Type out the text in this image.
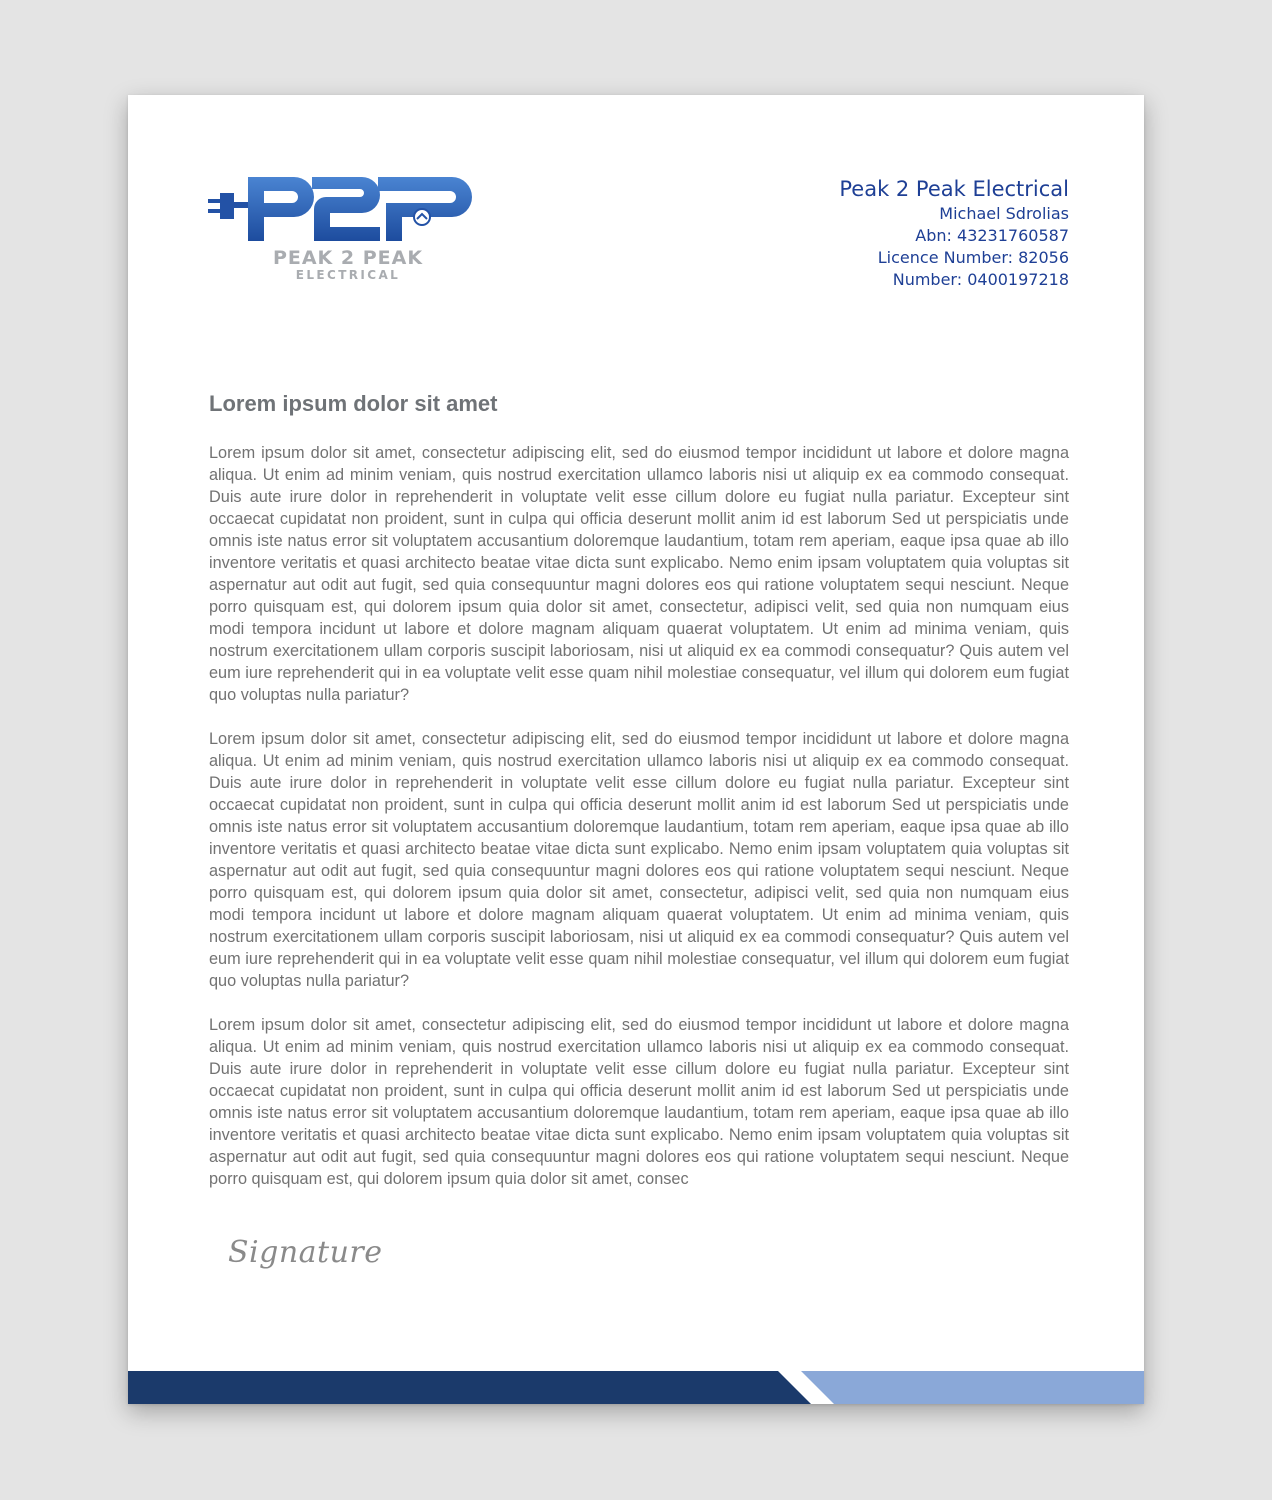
PEAK 2 PEAK
ELECTRICAL
Peak 2 Peak Electrical
Michael Sdrolias
Abn: 43231760587
Licence Number: 82056
Number: 0400197218
Lorem ipsum dolor sit amet

Lorem ipsum dolor sit amet, consectetur adipiscing elit, sed do eiusmod tempor incididunt ut labore et dolore magna aliqua. Ut enim ad minim veniam, quis nostrud exercitation ullamco laboris nisi ut aliquip ex ea commodo consequat. Duis aute irure dolor in reprehenderit in voluptate velit esse cillum dolore eu fugiat nulla pariatur. Excepteur sint occaecat cupidatat non proident, sunt in culpa qui officia deserunt mollit anim id est laborum Sed ut perspiciatis unde omnis iste natus error sit voluptatem accusantium doloremque laudantium, totam rem aperiam, eaque ipsa quae ab illo inventore veritatis et quasi architecto beatae vitae dicta sunt explicabo. Nemo enim ipsam voluptatem quia voluptas sit aspernatur aut odit aut fugit, sed quia consequuntur magni dolores eos qui ratione voluptatem sequi nesciunt. Neque porro quisquam est, qui dolorem ipsum quia dolor sit amet, consectetur, adipisci velit, sed quia non numquam eius modi tempora incidunt ut labore et dolore magnam aliquam quaerat voluptatem. Ut enim ad minima veniam, quis nostrum exercitationem ullam corporis suscipit laboriosam, nisi ut aliquid ex ea commodi consequatur? Quis autem vel eum iure reprehenderit qui in ea voluptate velit esse quam nihil molestiae consequatur, vel illum qui dolorem eum fugiat quo voluptas nulla pariatur?

Lorem ipsum dolor sit amet, consectetur adipiscing elit, sed do eiusmod tempor incididunt ut labore et dolore magna aliqua. Ut enim ad minim veniam, quis nostrud exercitation ullamco laboris nisi ut aliquip ex ea commodo consequat. Duis aute irure dolor in reprehenderit in voluptate velit esse cillum dolore eu fugiat nulla pariatur. Excepteur sint occaecat cupidatat non proident, sunt in culpa qui officia deserunt mollit anim id est laborum Sed ut perspiciatis unde omnis iste natus error sit voluptatem accusantium doloremque laudantium, totam rem aperiam, eaque ipsa quae ab illo inventore veritatis et quasi architecto beatae vitae dicta sunt explicabo. Nemo enim ipsam voluptatem quia voluptas sit aspernatur aut odit aut fugit, sed quia consequuntur magni dolores eos qui ratione voluptatem sequi nesciunt. Neque porro quisquam est, qui dolorem ipsum quia dolor sit amet, consectetur, adipisci velit, sed quia non numquam eius modi tempora incidunt ut labore et dolore magnam aliquam quaerat voluptatem. Ut enim ad minima veniam, quis nostrum exercitationem ullam corporis suscipit laboriosam, nisi ut aliquid ex ea commodi consequatur? Quis autem vel eum iure reprehenderit qui in ea voluptate velit esse quam nihil molestiae consequatur, vel illum qui dolorem eum fugiat quo voluptas nulla pariatur?

Lorem ipsum dolor sit amet, consectetur adipiscing elit, sed do eiusmod tempor incididunt ut labore et dolore magna aliqua. Ut enim ad minim veniam, quis nostrud exercitation ullamco laboris nisi ut aliquip ex ea commodo consequat. Duis aute irure dolor in reprehenderit in voluptate velit esse cillum dolore eu fugiat nulla pariatur. Excepteur sint occaecat cupidatat non proident, sunt in culpa qui officia deserunt mollit anim id est laborum Sed ut perspiciatis unde omnis iste natus error sit voluptatem accusantium doloremque laudantium, totam rem aperiam, eaque ipsa quae ab illo inventore veritatis et quasi architecto beatae vitae dicta sunt explicabo. Nemo enim ipsam voluptatem quia voluptas sit aspernatur aut odit aut fugit, sed quia consequuntur magni dolores eos qui ratione voluptatem sequi nesciunt. Neque porro quisquam est, qui dolorem ipsum quia dolor sit amet, consec

Signature
